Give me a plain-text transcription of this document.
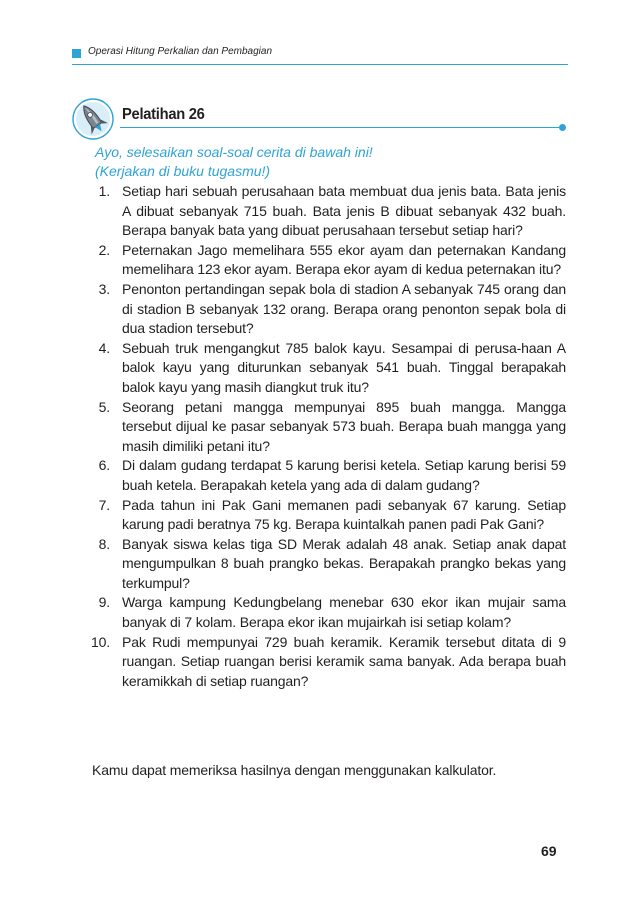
Operasi Hitung Perkalian dan Pembagian
Pelatihan 26
Ayo, selesaikan soal-soal cerita di bawah ini!
(Kerjakan di buku tugasmu!)
1. Setiap hari sebuah perusahaan bata membuat dua jenis bata. Bata jenis A dibuat sebanyak 715 buah. Bata jenis B dibuat sebanyak 432 buah. Berapa banyak bata yang dibuat perusahaan tersebut setiap hari?
2. Peternakan Jago memelihara 555 ekor ayam dan peternakan Kandang memelihara 123 ekor ayam. Berapa ekor ayam di kedua peternakan itu?
3. Penonton pertandingan sepak bola di stadion A sebanyak 745 orang dan di stadion B sebanyak 132 orang. Berapa orang penonton sepak bola di dua stadion tersebut?
4. Sebuah truk mengangkut 785 balok kayu. Sesampai di perusa-haan A balok kayu yang diturunkan sebanyak 541 buah. Tinggal berapakah balok kayu yang masih diangkut truk itu?
5. Seorang petani mangga mempunyai 895 buah mangga. Mangga tersebut dijual ke pasar sebanyak 573 buah. Berapa buah mangga yang masih dimiliki petani itu?
6. Di dalam gudang terdapat 5 karung berisi ketela. Setiap karung berisi 59 buah ketela. Berapakah ketela yang ada di dalam gudang?
7. Pada tahun ini Pak Gani memanen padi sebanyak 67 karung. Setiap karung padi beratnya 75 kg. Berapa kuintalkah panen padi Pak Gani?
8. Banyak siswa kelas tiga SD Merak adalah 48 anak. Setiap anak dapat mengumpulkan 8 buah prangko bekas. Berapakah prangko bekas yang terkumpul?
9. Warga kampung Kedungbelang menebar 630 ekor ikan mujair sama banyak di 7 kolam. Berapa ekor ikan mujairkah isi setiap kolam?
10. Pak Rudi mempunyai 729 buah keramik. Keramik tersebut ditata di 9 ruangan. Setiap ruangan berisi keramik sama banyak. Ada berapa buah keramikkah di setiap ruangan?
Kamu dapat memeriksa hasilnya dengan menggunakan kalkulator.
69
